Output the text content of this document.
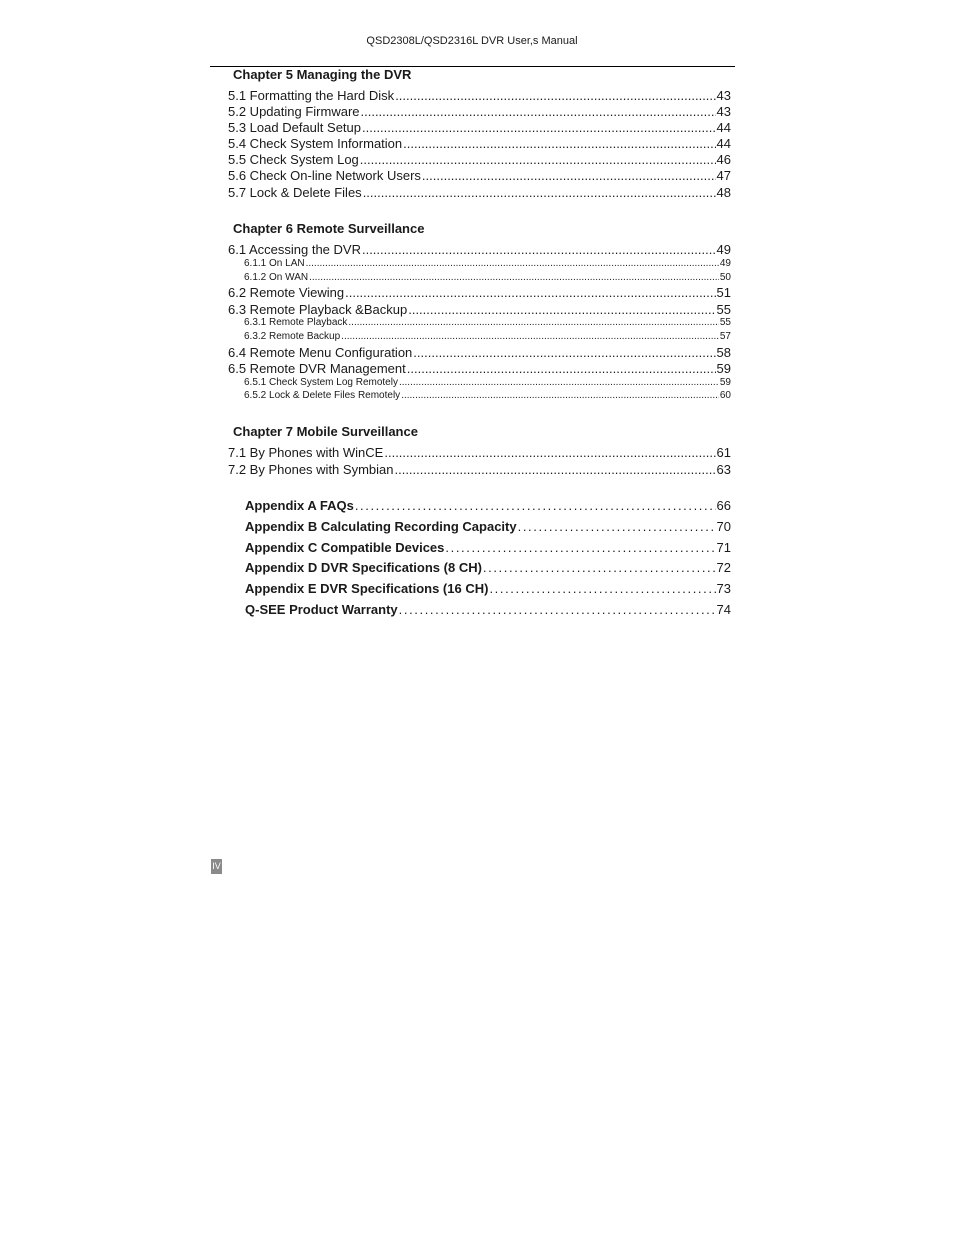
QSD2308L/QSD2316L DVR User,s Manual
Chapter 5 Managing the DVR
5.1 Formatting the Hard Disk .....	43
5.2 Updating Firmware .....	43
5.3 Load Default Setup .....	44
5.4 Check System Information .....	44
5.5 Check System Log .....	46
5.6 Check On-line Network Users .....	47
5.7 Lock & Delete Files .....	48
Chapter 6 Remote Surveillance
6.1 Accessing the DVR .....	49
6.1.1 On LAN .....	49
6.1.2 On WAN .....	50
6.2 Remote Viewing .....	51
6.3 Remote Playback &Backup .....	55
6.3.1 Remote Playback .....	55
6.3.2 Remote Backup .....	57
6.4 Remote Menu Configuration .....	58
6.5 Remote DVR Management .....	59
6.5.1 Check System Log Remotely .....	59
6.5.2 Lock & Delete Files Remotely .....	60
Chapter 7 Mobile Surveillance
7.1 By Phones with WinCE .....	61
7.2 By Phones with Symbian .....	63
Appendix A FAQs .....	66
Appendix B Calculating Recording Capacity .....	70
Appendix C Compatible Devices .....	71
Appendix D DVR Specifications (8 CH) .....	72
Appendix E DVR Specifications (16 CH) .....	73
Q-SEE Product Warranty .....	74
IV
